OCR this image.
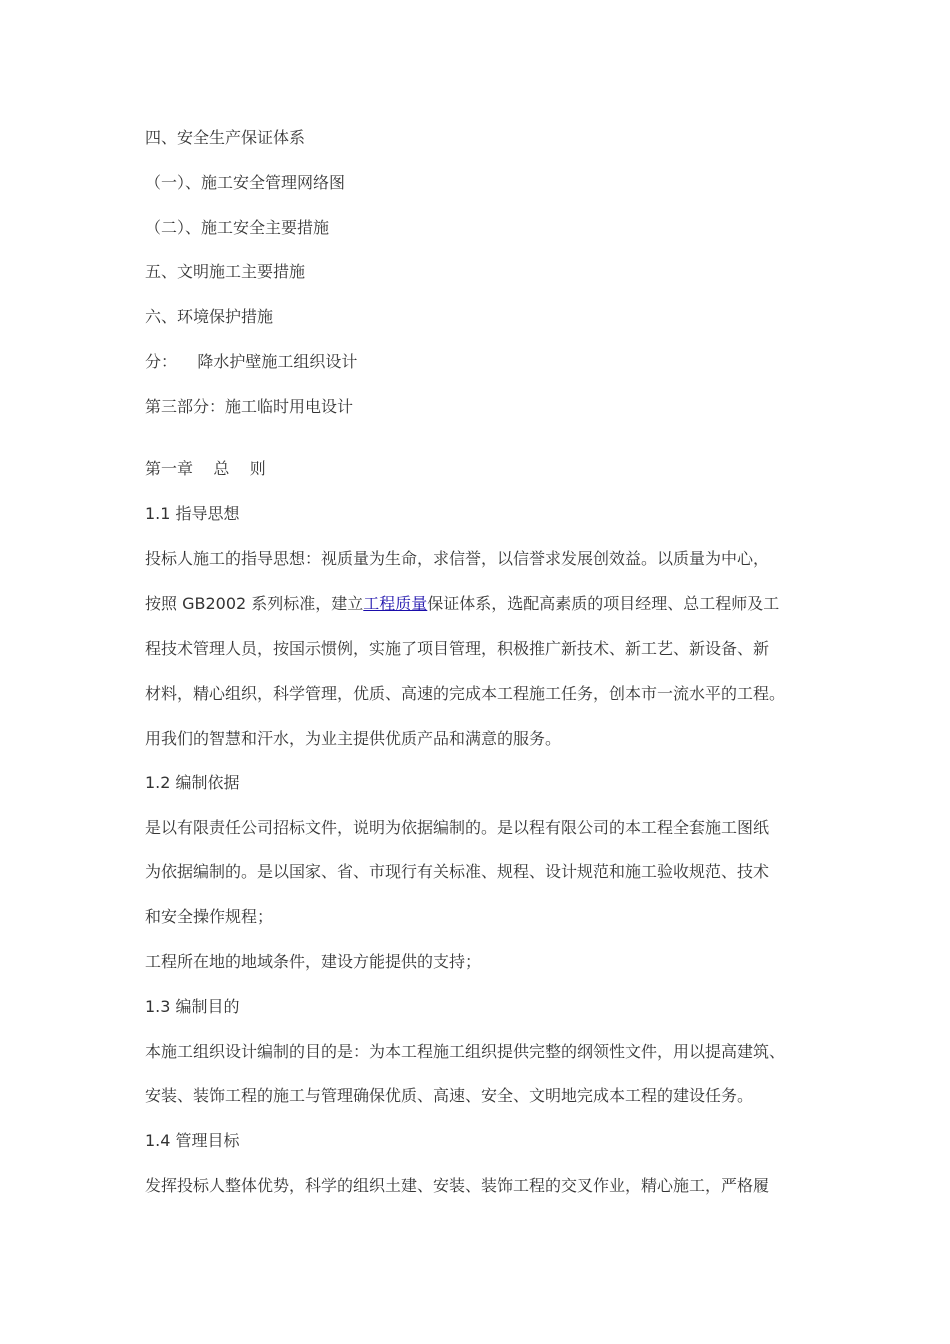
四、安全生产保证体系
（一）、施工安全管理网络图
（二）、施工安全主要措施
五、文明施工主要措施
六、环境保护措施
分：    降水护壁施工组织设计
第三部分：施工临时用电设计
第一章    总    则
1.1 指导思想
投标人施工的指导思想：视质量为生命，求信誉，以信誉求发展创效益。以质量为中心，
按照 GB2002 系列标准，建立工程质量保证体系，选配高素质的项目经理、总工程师及工
程技术管理人员，按国示惯例，实施了项目管理，积极推广新技术、新工艺、新设备、新
材料，精心组织，科学管理，优质、高速的完成本工程施工任务，创本市一流水平的工程。
用我们的智慧和汗水，为业主提供优质产品和满意的服务。
1.2 编制依据
是以有限责任公司招标文件，说明为依据编制的。是以程有限公司的本工程全套施工图纸
为依据编制的。是以国家、省、市现行有关标准、规程、设计规范和施工验收规范、技术
和安全操作规程；
工程所在地的地域条件，建设方能提供的支持；
1.3 编制目的
本施工组织设计编制的目的是：为本工程施工组织提供完整的纲领性文件，用以提高建筑、
安装、装饰工程的施工与管理确保优质、高速、安全、文明地完成本工程的建设任务。
1.4 管理目标
发挥投标人整体优势，科学的组织土建、安装、装饰工程的交叉作业，精心施工，严格履
